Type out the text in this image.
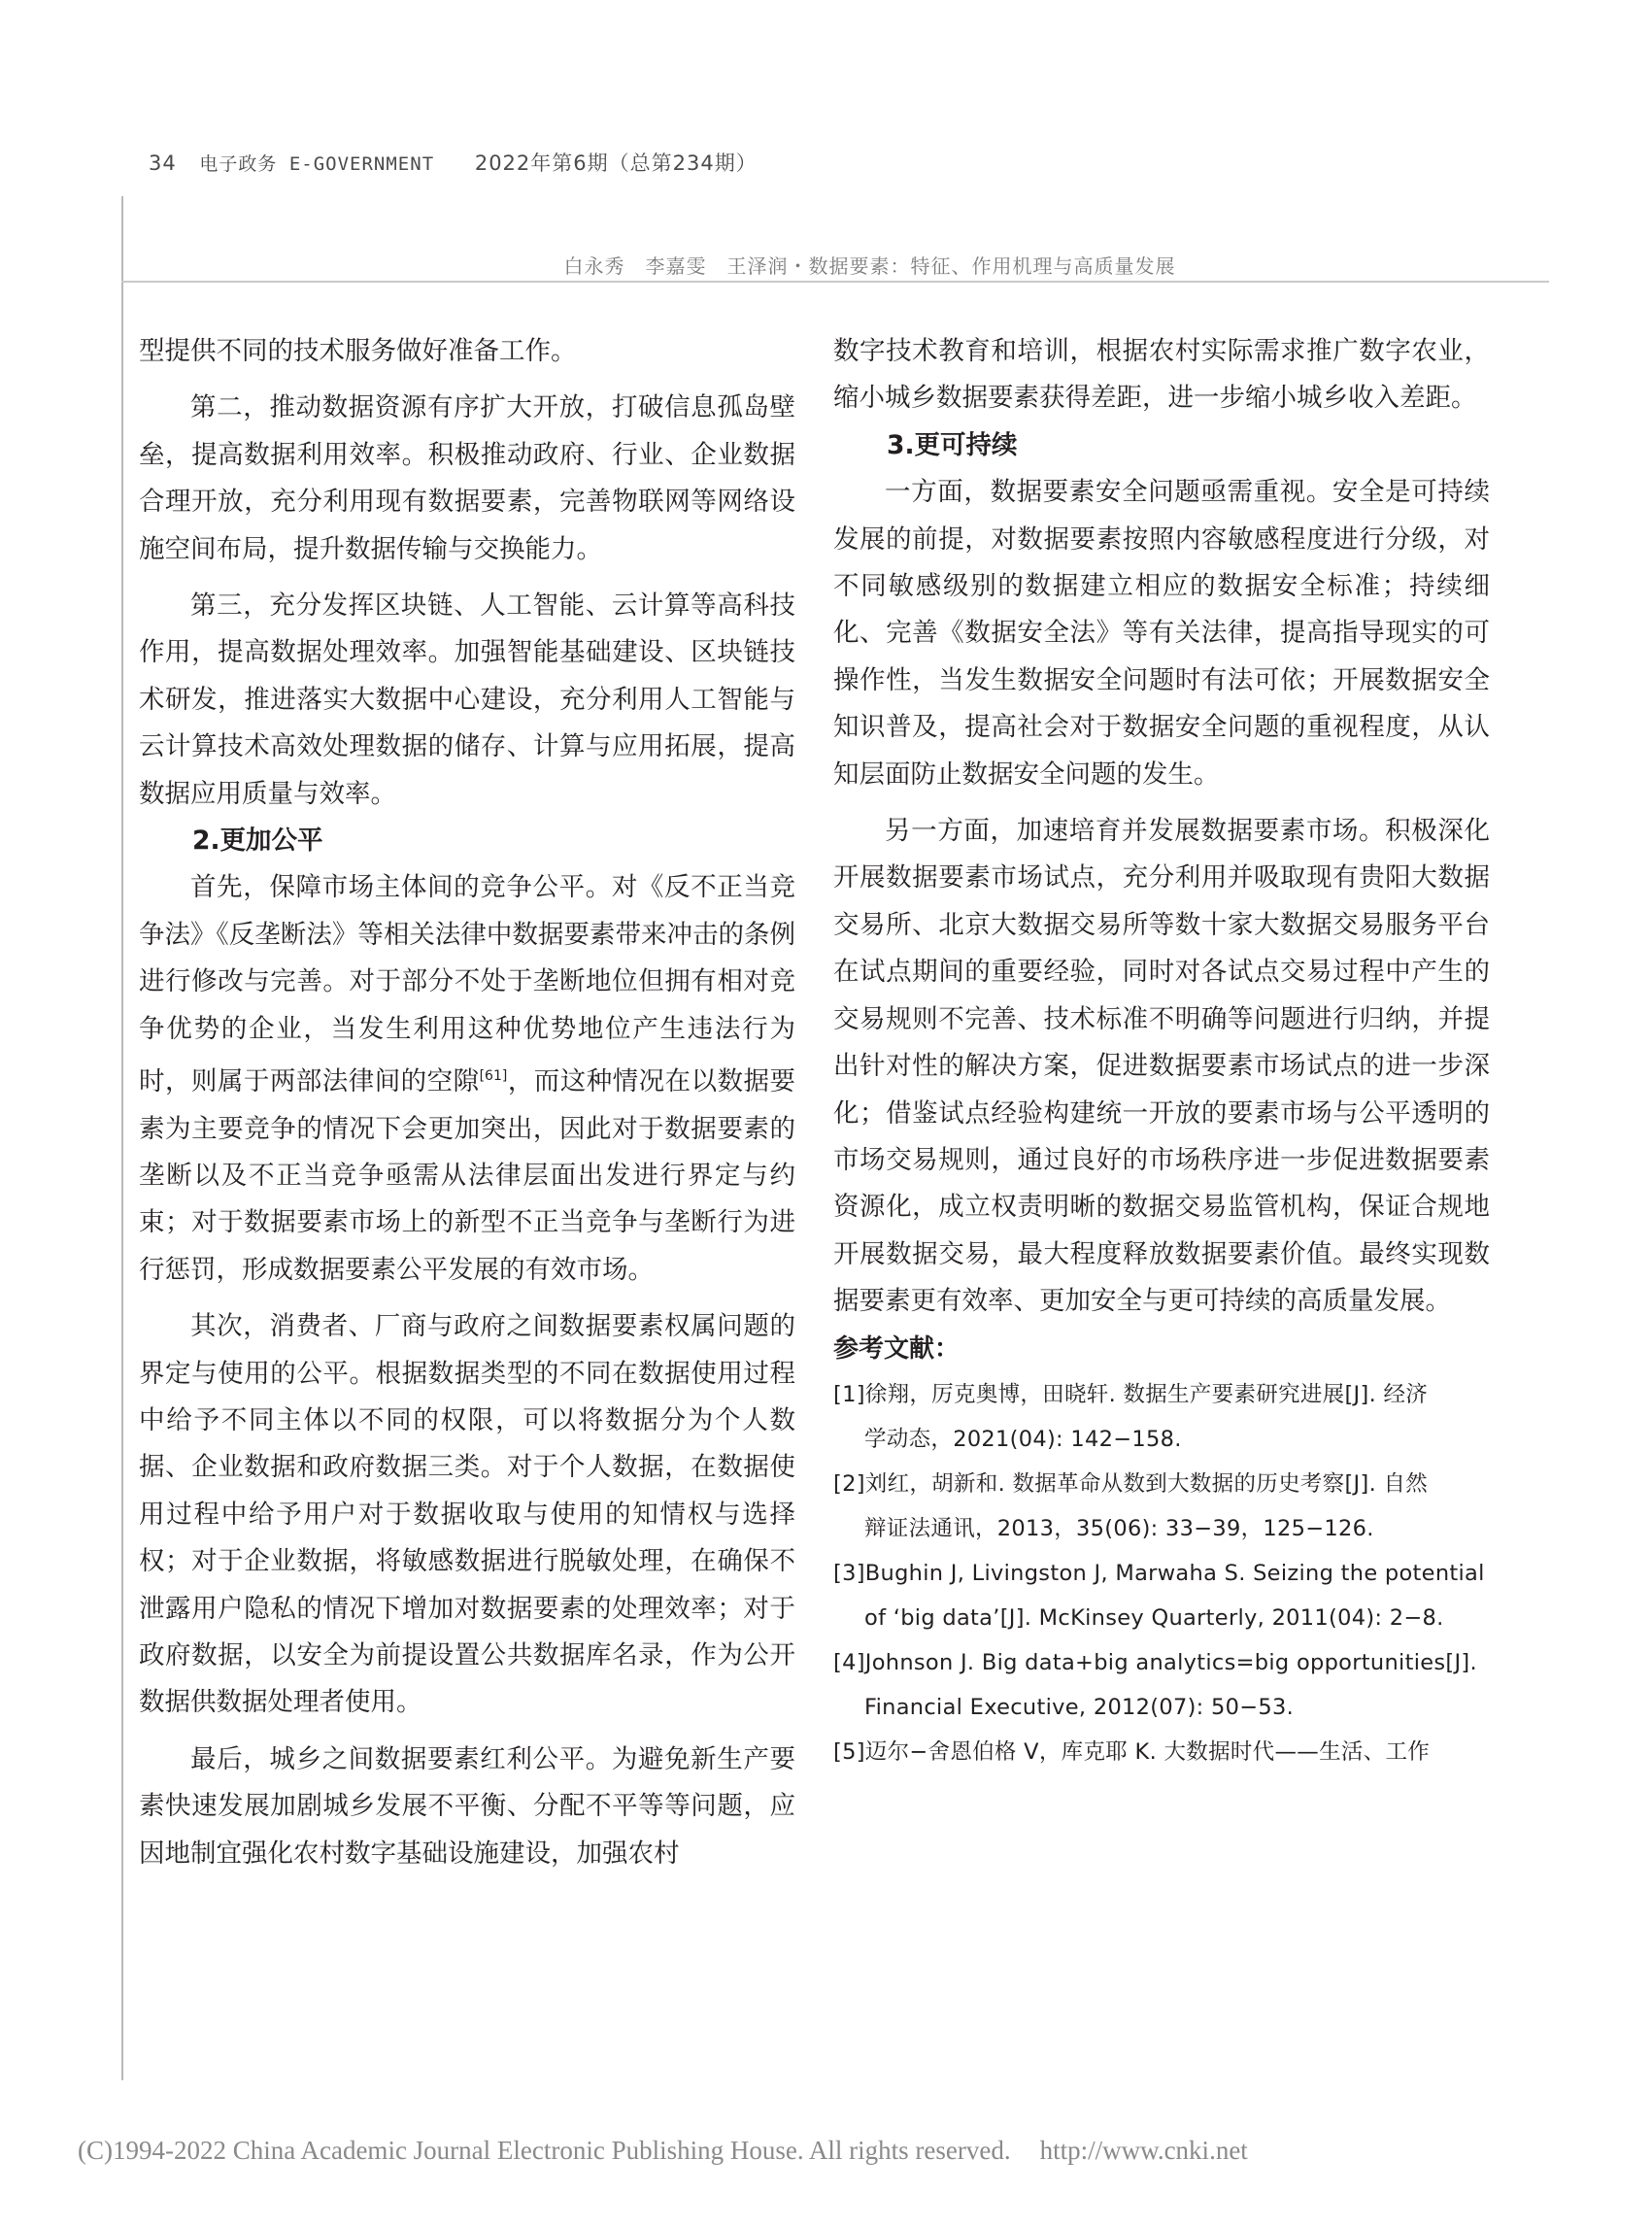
34 电子政务 E-GOVERNMENT 2022年第6期（总第234期）
白永秀　李嘉雯　王泽润・数据要素：特征、作用机理与高质量发展

型提供不同的技术服务做好准备工作。

第二，推动数据资源有序扩大开放，打破信息孤岛壁垒，提高数据利用效率。积极推动政府、行业、企业数据合理开放，充分利用现有数据要素，完善物联网等网络设施空间布局，提升数据传输与交换能力。

第三，充分发挥区块链、人工智能、云计算等高科技作用，提高数据处理效率。加强智能基础建设、区块链技术研发，推进落实大数据中心建设，充分利用人工智能与云计算技术高效处理数据的储存、计算与应用拓展，提高数据应用质量与效率。

2.更加公平

首先，保障市场主体间的竞争公平。对《反不正当竞争法》《反垄断法》等相关法律中数据要素带来冲击的条例进行修改与完善。对于部分不处于垄断地位但拥有相对竞争优势的企业，当发生利用这种优势地位产生违法行为时，则属于两部法律间的空隙[61]，而这种情况在以数据要素为主要竞争的情况下会更加突出，因此对于数据要素的垄断以及不正当竞争亟需从法律层面出发进行界定与约束；对于数据要素市场上的新型不正当竞争与垄断行为进行惩罚，形成数据要素公平发展的有效市场。

其次，消费者、厂商与政府之间数据要素权属问题的界定与使用的公平。根据数据类型的不同在数据使用过程中给予不同主体以不同的权限，可以将数据分为个人数据、企业数据和政府数据三类。对于个人数据，在数据使用过程中给予用户对于数据收取与使用的知情权与选择权；对于企业数据，将敏感数据进行脱敏处理，在确保不泄露用户隐私的情况下增加对数据要素的处理效率；对于政府数据，以安全为前提设置公共数据库名录，作为公开数据供数据处理者使用。

最后，城乡之间数据要素红利公平。为避免新生产要素快速发展加剧城乡发展不平衡、分配不平等等问题，应因地制宜强化农村数字基础设施建设，加强农村

数字技术教育和培训，根据农村实际需求推广数字农业，缩小城乡数据要素获得差距，进一步缩小城乡收入差距。

3.更可持续

一方面，数据要素安全问题亟需重视。安全是可持续发展的前提，对数据要素按照内容敏感程度进行分级，对不同敏感级别的数据建立相应的数据安全标准；持续细化、完善《数据安全法》等有关法律，提高指导现实的可操作性，当发生数据安全问题时有法可依；开展数据安全知识普及，提高社会对于数据安全问题的重视程度，从认知层面防止数据安全问题的发生。

另一方面，加速培育并发展数据要素市场。积极深化开展数据要素市场试点，充分利用并吸取现有贵阳大数据交易所、北京大数据交易所等数十家大数据交易服务平台在试点期间的重要经验，同时对各试点交易过程中产生的交易规则不完善、技术标准不明确等问题进行归纳，并提出针对性的解决方案，促进数据要素市场试点的进一步深化；借鉴试点经验构建统一开放的要素市场与公平透明的市场交易规则，通过良好的市场秩序进一步促进数据要素资源化，成立权责明晰的数据交易监管机构，保证合规地开展数据交易，最大程度释放数据要素价值。最终实现数据要素更有效率、更加安全与更可持续的高质量发展。

参考文献：

[1]徐翔，厉克奥博，田晓轩. 数据生产要素研究进展[J]. 经济
学动态，2021(04): 142−158.
[2]刘红，胡新和. 数据革命从数到大数据的历史考察[J]. 自然
辩证法通讯，2013，35(06): 33−39，125−126.
[3]Bughin J, Livingston J, Marwaha S. Seizing the potential
of ‘big data’[J]. McKinsey Quarterly, 2011(04): 2−8.
[4]Johnson J. Big data+big analytics=big opportunities[J].
Financial Executive, 2012(07): 50−53.
[5]迈尔−舍恩伯格 V，库克耶 K. 大数据时代——生活、工作
(C)1994-2022 China Academic Journal Electronic Publishing House. All rights reserved. http://www.cnki.net
